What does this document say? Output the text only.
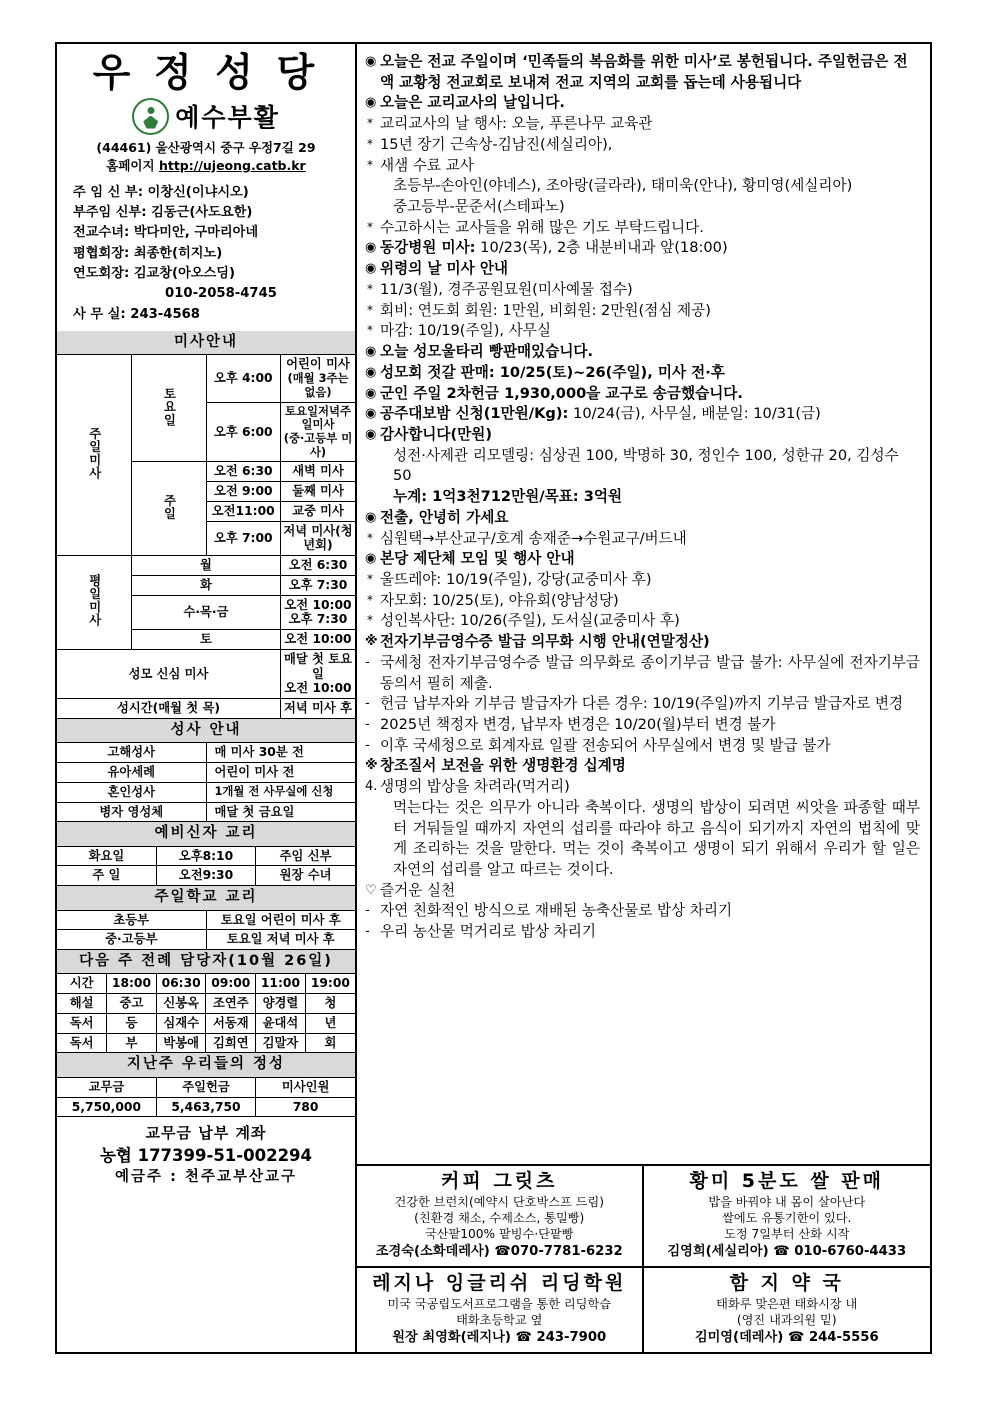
우 정 성 당
예수부활
(44461) 울산광역시 중구 우정7길 29
홈페이지 http://ujeong.catb.kr
주 임 신 부: 이창신(이냐시오)
부주임 신부: 김동근(사도요한)
전교수녀: 박다미안, 구마리아네
평협회장: 최종한(히지노)
연도회장: 김교창(아오스딩)
010-2058-4745
사 무 실: 243-4568
미사안내			
주일미사	토요일	오후 4:00	어린이 미사
(매월 3주는 없음)

		오후 6:00	토요일저녁주일미사
(중·고등부 미사)

	주일	오전 6:30	새벽 미사
		오전 9:00	둘째 미사
		오전11:00	교중 미사
		오후 7:00	저녁 미사(청년회)
평일미사	월		오전 6:30
	화		오후 7:30
	수·목·금		오전 10:00
오후 7:30

	토		오전 10:00
성모 신심 미사			매달 첫 토요일
오전 10:00

성시간(매월 첫 목)			저녁 미사 후
성사 안내	
고해성사	매 미사 30분 전
유아세례	어린이 미사 전
혼인성사	1개월 전 사무실에 신청
병자 영성체	매달 첫 금요일
예비신자 교리		
화요일	오후8:10	주임 신부
주 일	오전9:30	원장 수녀
주일학교 교리	
초등부	토요일 어린이 미사 후
중·고등부	토요일 저녁 미사 후
다음 주 전례 담당자(10월 26일)					
시간	18:00	06:30	09:00	11:00	19:00
해설	중고	신봉옥	조연주	양경렬	청
독서	등	심재수	서동재	윤대석	년
독서	부	박봉애	김희연	김말자	회
지난주 우리들의 정성		
교무금	주일헌금	미사인원
5,750,000	5,463,750	780
교무금 납부 계좌
농협 177399-51-002294
예금주 : 천주교부산교구
◉ 오늘은 전교 주일이며 ‘민족들의 복음화를 위한 미사’로 봉헌됩니다. 주일헌금은 전액 교황청 전교회로 보내져 전교 지역의 교회를 돕는데 사용됩니다
◉ 오늘은 교리교사의 날입니다.
* 교리교사의 날 행사: 오늘, 푸른나무 교육관
* 15년 장기 근속상-김남진(세실리아),
* 새샘 수료 교사
초등부-손아인(야네스), 조아랑(글라라), 태미욱(안나), 황미영(세실리아)
중고등부-문준서(스테파노)
* 수고하시는 교사들을 위해 많은 기도 부탁드립니다.
◉ 동강병원 미사: 10/23(목), 2층 내분비내과 앞(18:00)
◉ 위령의 날 미사 안내
* 11/3(월), 경주공원묘원(미사예물 접수)
* 회비: 연도회 회원: 1만원, 비회원: 2만원(점심 제공)
* 마감: 10/19(주일), 사무실
◉ 오늘 성모울타리 빵판매있습니다.
◉ 성모회 젓갈 판매: 10/25(토)~26(주일), 미사 전·후
◉ 군인 주일 2차헌금 1,930,000을 교구로 송금했습니다.
◉ 공주대보밤 신청(1만원/Kg): 10/24(금), 사무실, 배분일: 10/31(금)
◉ 감사합니다(만원)
성전·사제관 리모델링: 심상권 100, 박명하 30, 정인수 100, 성한규 20, 김성수 50
누계: 1억3천712만원/목표: 3억원
◉ 전출, 안녕히 가세요
* 심원택→부산교구/호계 송재준→수원교구/버드내
◉ 본당 제단체 모임 및 행사 안내
* 울뜨레야: 10/19(주일), 강당(교중미사 후)
* 자모회: 10/25(토), 야유회(양남성당)
* 성인복사단: 10/26(주일), 도서실(교중미사 후)
※ 전자기부금영수증 발급 의무화 시행 안내(연말정산)
- 국세청 전자기부금영수증 발급 의무화로 종이기부금 발급 불가: 사무실에 전자기부금 동의서 필히 제출.
- 헌금 납부자와 기부금 발급자가 다른 경우: 10/19(주일)까지 기부금 발급자로 변경
- 2025년 책정자 변경, 납부자 변경은 10/20(월)부터 변경 불가
- 이후 국세청으로 회계자료 일괄 전송되어 사무실에서 변경 및 발급 불가
※ 창조질서 보전을 위한 생명환경 십계명
4. 생명의 밥상을 차려라(먹거리)
먹는다는 것은 의무가 아니라 축복이다. 생명의 밥상이 되려면 씨앗을 파종할 때부터 거둬들일 때까지 자연의 섭리를 따라야 하고 음식이 되기까지 자연의 법칙에 맞게 조리하는 것을 말한다. 먹는 것이 축복이고 생명이 되기 위해서 우리가 할 일은 자연의 섭리를 알고 따르는 것이다.
♡ 즐거운 실천
- 자연 친화적인 방식으로 재배된 농축산물로 밥상 차리기
- 우리 농산물 먹거리로 밥상 차리기
커피 그릿츠
건강한 브런치(예약시 단호박스프 드림)
(친환경 채소, 수제소스, 통밀빵)
국산팥100% 팥빙수·단팥빵
조경숙(소화데레사) ☎070-7781-6232
황미 5분도 쌀 판매
밥을 바꿔야 내 몸이 살아난다
쌀에도 유통기한이 있다.
도정 7일부터 산화 시작
김영희(세실리아) ☎ 010-6760-4433
레지나 잉글리쉬 리딩학원
미국 국공립도서프로그램을 통한 리딩학습
태화초등학교 옆
원장 최영화(레지나) ☎ 243-7900
함 지 약 국
태화루 맞은편 태화시장 내
(영진 내과의원 밑)
김미영(데레사) ☎ 244-5556
